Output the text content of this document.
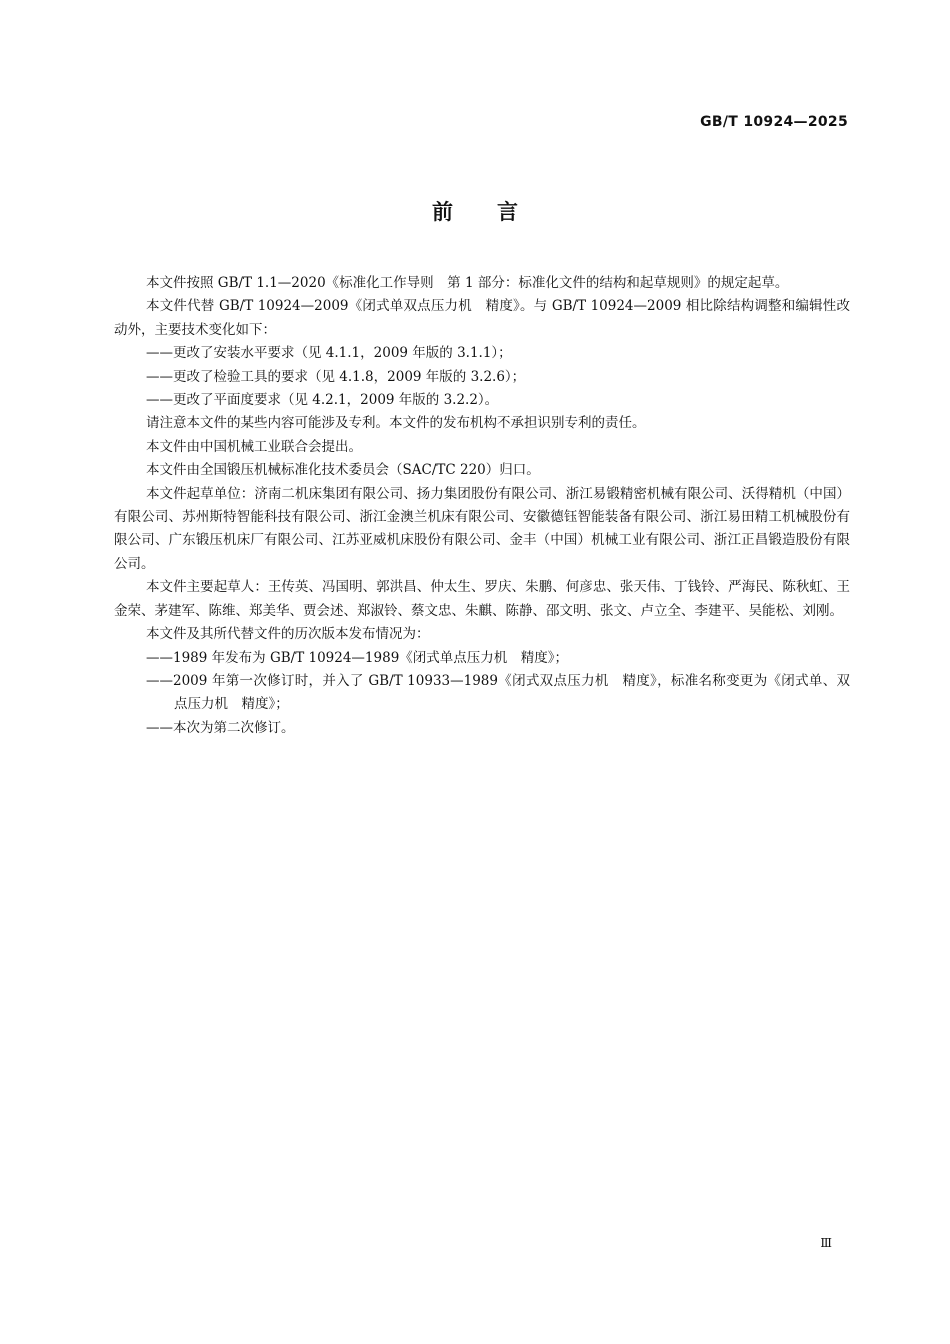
GB/T 10924—2025
前言

本文件按照 GB/T 1.1—2020《标准化工作导则　第 1 部分：标准化文件的结构和起草规则》的规定起草。

本文件代替 GB/T 10924—2009《闭式单双点压力机　精度》。与 GB/T 10924—2009 相比除结构调整和编辑性改动外，主要技术变化如下：

——更改了安装水平要求（见 4.1.1，2009 年版的 3.1.1）；

——更改了检验工具的要求（见 4.1.8，2009 年版的 3.2.6）；

——更改了平面度要求（见 4.2.1，2009 年版的 3.2.2）。

请注意本文件的某些内容可能涉及专利。本文件的发布机构不承担识别专利的责任。

本文件由中国机械工业联合会提出。

本文件由全国锻压机械标准化技术委员会（SAC/TC 220）归口。

本文件起草单位：济南二机床集团有限公司、扬力集团股份有限公司、浙江易锻精密机械有限公司、沃得精机（中国）有限公司、苏州斯特智能科技有限公司、浙江金澳兰机床有限公司、安徽德钰智能装备有限公司、浙江易田精工机械股份有限公司、广东锻压机床厂有限公司、江苏亚威机床股份有限公司、金丰（中国）机械工业有限公司、浙江正昌锻造股份有限公司。

本文件主要起草人：王传英、冯国明、郭洪昌、仲太生、罗庆、朱鹏、何彦忠、张天伟、丁钱铃、严海民、陈秋虹、王金荣、茅建军、陈维、郑美华、贾会述、郑淑铃、蔡文忠、朱麒、陈静、邵文明、张文、卢立全、李建平、吴能松、刘刚。

本文件及其所代替文件的历次版本发布情况为：

——1989 年发布为 GB/T 10924—1989《闭式单点压力机　精度》；

——2009 年第一次修订时，并入了 GB/T 10933—1989《闭式双点压力机　精度》，标准名称变更为《闭式单、双点压力机　精度》；

——本次为第二次修订。

Ⅲ
